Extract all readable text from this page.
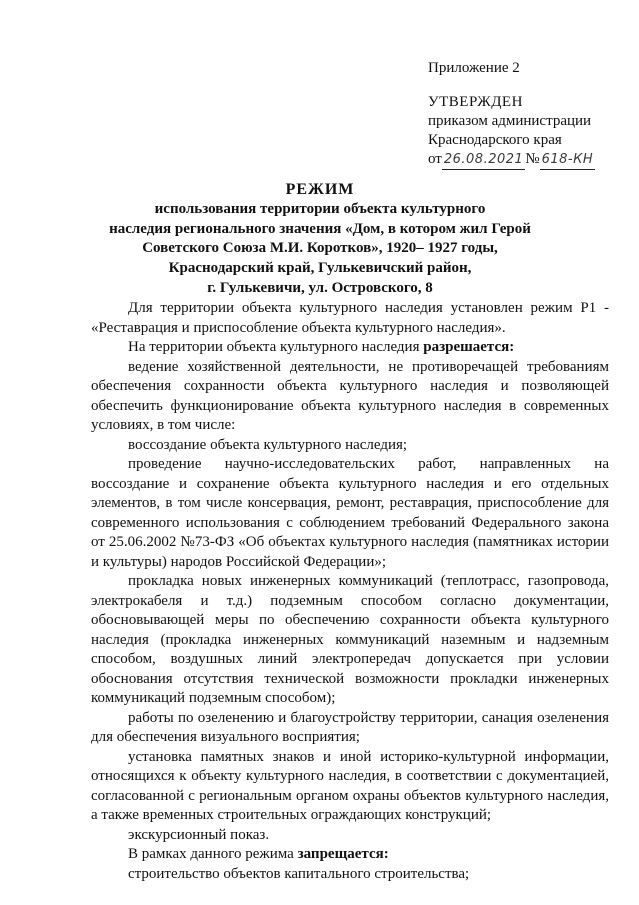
Приложение 2
УТВЕРЖДЕН
приказом администрации
Краснодарского края
от 26.08.2021 № 618-КН
РЕЖИМ
использования территории объекта культурного
наследия регионального значения «Дом, в котором жил Герой
Советского Союза М.И. Коротков», 1920– 1927 годы,
Краснодарский край, Гулькевичский район,
г. Гулькевичи, ул. Островского, 8

Для территории объекта культурного наследия установлен режим Р1 - «Реставрация и приспособление объекта культурного наследия».

На территории объекта культурного наследия разрешается:

ведение хозяйственной деятельности, не противоречащей требованиям обеспечения сохранности объекта культурного наследия и позволяющей обеспечить функционирование объекта культурного наследия в современных условиях, в том числе:

воссоздание объекта культурного наследия;

проведение научно-исследовательских работ, направленных на воссоздание и сохранение объекта культурного наследия и его отдельных элементов, в том числе консервация, ремонт, реставрация, приспособление для современного использования с соблюдением требований Федерального закона от 25.06.2002 №73-ФЗ «Об объектах культурного наследия (памятниках истории и культуры) народов Российской Федерации»;

прокладка новых инженерных коммуникаций (теплотрасс, газопровода, электрокабеля и т.д.) подземным способом согласно документации, обосновывающей меры по обеспечению сохранности объекта культурного наследия (прокладка инженерных коммуникаций наземным и надземным способом, воздушных линий электропередач допускается при условии обоснования отсутствия технической возможности прокладки инженерных коммуникаций подземным способом);

работы по озеленению и благоустройству территории, санация озеленения для обеспечения визуального восприятия;

установка памятных знаков и иной историко-культурной информации, относящихся к объекту культурного наследия, в соответствии с документацией, согласованной с региональным органом охраны объектов культурного наследия, а также временных строительных ограждающих конструкций;

экскурсионный показ.

В рамках данного режима запрещается:

строительство объектов капитального строительства;
